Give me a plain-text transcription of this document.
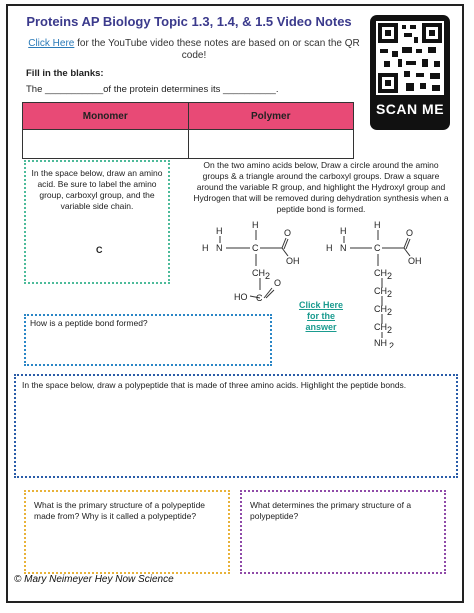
Proteins AP Biology Topic 1.3, 1.4, & 1.5 Video Notes
Click Here for the YouTube video these notes are based on or scan the QR code!
SCAN ME
Fill in the blanks:
The ___________of the protein determines its __________.
Monomer	Polymer

In the space below, draw an amino acid. Be sure to label the amino group, carboxyl group, and the variable side chain.
C
On the two amino acids below, Draw a circle around the amino groups & a triangle around the carboxyl groups. Draw a square around the variable R group, and highlight the Hydroxyl group and Hydrogen that will be removed during dehydration synthesis when a peptide bond is formed.
H
H N	C
H
O
OH
CH 2
C
O
HO
H
H N	C
H
O
OH
CH 2
CH 2
CH 2
CH 2
NH 2
Click Here
for the
answer
How is a peptide bond formed?
In the space below, draw a polypeptide that is made of three amino acids. Highlight the peptide bonds.
What is the primary structure of a polypeptide made from? Why is it called a polypeptide?
What determines the primary structure of a polypeptide?
© Mary Neimeyer Hey Now Science
